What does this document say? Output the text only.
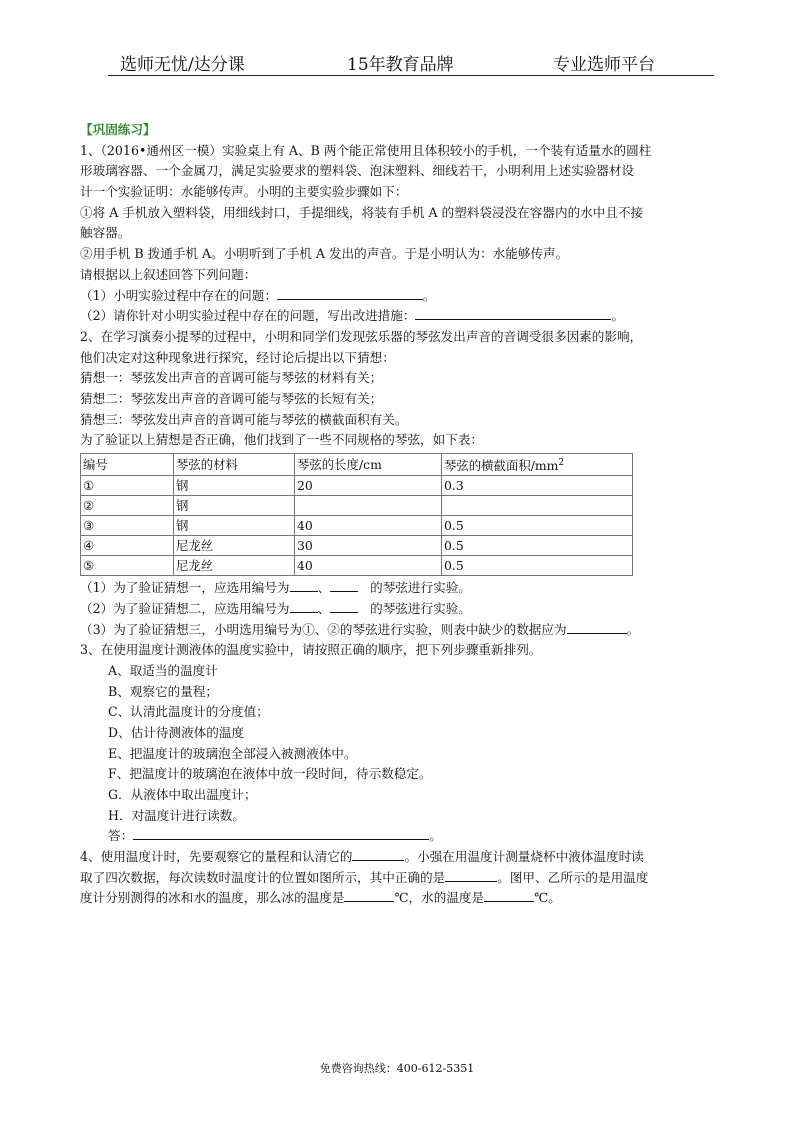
选师无忧/达分课	15年教育品牌	专业选师平台
【巩固练习】
1、（2016•通州区一模）实验桌上有 A、B 两个能正常使用且体积较小的手机，一个装有适量水的圆柱
形玻璃容器、一个金属刀，满足实验要求的塑料袋、泡沫塑料、细线若干，小明利用上述实验器材设
计一个实验证明：水能够传声。小明的主要实验步骤如下：
①将 A 手机放入塑料袋，用细线封口，手提细线，将装有手机 A 的塑料袋浸没在容器内的水中且不接
触容器。
②用手机 B 拨通手机 A。小明听到了手机 A 发出的声音。于是小明认为：水能够传声。
请根据以上叙述回答下列问题：
（1）小明实验过程中存在的问题：	。
（2）请你针对小明实验过程中存在的问题，写出改进措施：	。
2、在学习演奏小提琴的过程中，小明和同学们发现弦乐器的琴弦发出声音的音调受很多因素的影响，
他们决定对这种现象进行探究，经讨论后提出以下猜想：
猜想一：琴弦发出声音的音调可能与琴弦的材料有关；
猜想二：琴弦发出声音的音调可能与琴弦的长短有关；
猜想三：琴弦发出声音的音调可能与琴弦的横截面积有关。
为了验证以上猜想是否正确，他们找到了一些不同规格的琴弦，如下表：
编号	琴弦的材料	琴弦的长度/cm	琴弦的横截面积$/mm^2$
①	钢	20	0.3
②	钢		
③	钢	40	0.5
④	尼龙丝	30	0.5
⑤	尼龙丝	40	0.5
（1）为了验证猜想一，应选用编号为 、	的琴弦进行实验。
（2）为了验证猜想二，应选用编号为 、	的琴弦进行实验。
（3）为了验证猜想三，小明选用编号为①、②的琴弦进行实验，则表中缺少的数据应为	。
3、在使用温度计测液体的温度实验中，请按照正确的顺序，把下列步骤重新排列。
A、取适当的温度计
B、观察它的量程；
C、认清此温度计的分度值；
D、估计待测液体的温度
E、把温度计的玻璃泡全部浸入被测液体中。
F、把温度计的玻璃泡在液体中放一段时间，待示数稳定。
G．从液体中取出温度计；
H．对温度计进行读数。
答：	。
4、使用温度计时，先要观察它的量程和认清它的	。小强在用温度计测量烧杯中液体温度时读
取了四次数据，每次读数时温度计的位置如图所示，其中正确的是	。图甲、乙所示的是用温度
度计分别测得的冰和水的温度，那么冰的温度是	℃，水的温度是	℃。
免费咨询热线：400-612-5351
